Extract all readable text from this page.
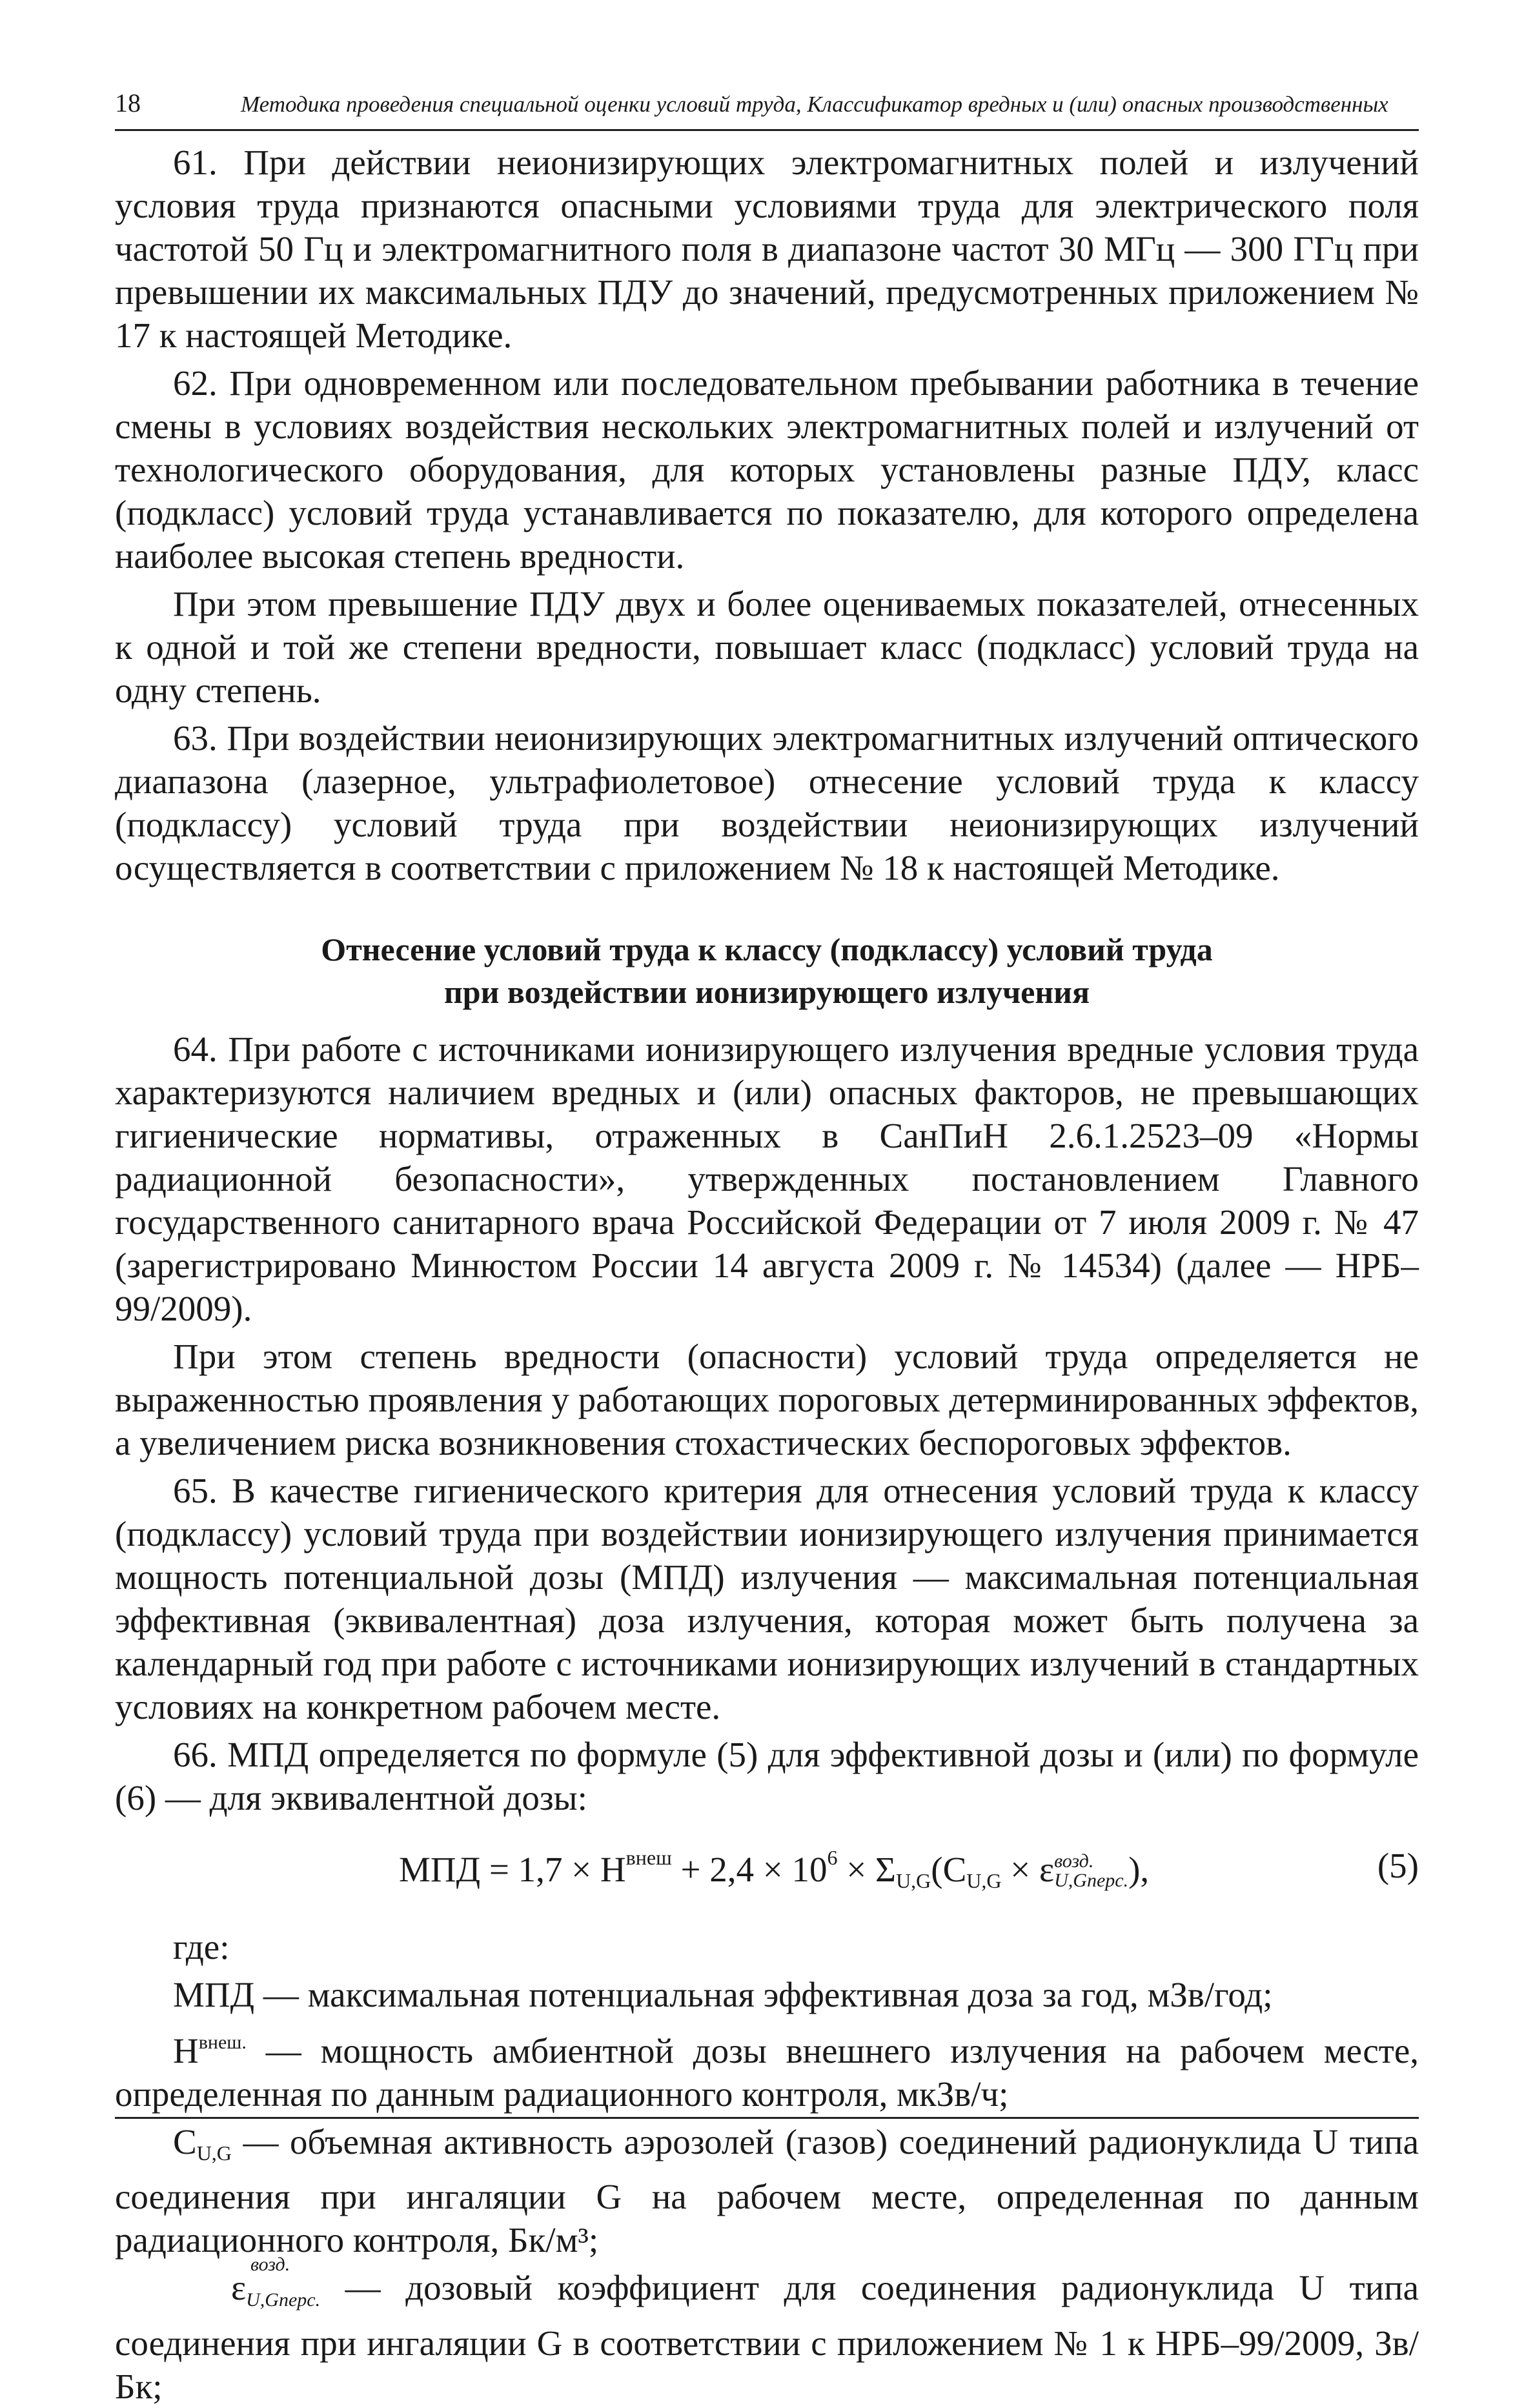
18	Методика проведения специальной оценки условий труда, Классификатор вредных и (или) опасных производственных

61. При действии неионизирующих электромагнитных полей и излучений условия труда признаются опасными условиями труда для электрического поля частотой 50 Гц и электромагнитного поля в диапазоне частот 30 МГц — 300 ГГц при превышении их максимальных ПДУ до значений, предусмотренных приложением № 17 к настоящей Методике.

62. При одновременном или последовательном пребывании работника в течение смены в условиях воздействия нескольких электромагнитных полей и излучений от технологического оборудования, для которых установлены разные ПДУ, класс (подкласс) условий труда устанавливается по показателю, для которого определена наиболее высокая степень вредности.

При этом превышение ПДУ двух и более оцениваемых показателей, отнесенных к одной и той же степени вредности, повышает класс (подкласс) условий труда на одну степень.

63. При воздействии неионизирующих электромагнитных излучений оптического диапазона (лазерное, ультрафиолетовое) отнесение условий труда к классу (подклассу) условий труда при воздействии неионизирующих излучений осуществляется в соответствии с приложением № 18 к настоящей Методике.

Отнесение условий труда к классу (подклассу) условий труда
при воздействии ионизирующего излучения

64. При работе с источниками ионизирующего излучения вредные условия труда характеризуются наличием вредных и (или) опасных факторов, не превышающих гигиенические нормативы, отраженных в СанПиН 2.6.1.2523–09 «Нормы радиационной безопасности», утвержденных постановлением Главного государственного санитарного врача Российской Федерации от 7 июля 2009 г. № 47 (зарегистрировано Минюстом России 14 августа 2009 г. № 14534) (далее — НРБ–99/2009).

При этом степень вредности (опасности) условий труда определяется не выраженностью проявления у работающих пороговых детерминированных эффектов, а увеличением риска возникновения стохастических беспороговых эффектов.

65. В качестве гигиенического критерия для отнесения условий труда к классу (подклассу) условий труда при воздействии ионизирующего излучения принимается мощность потенциальной дозы (МПД) излучения — максимальная потенциальная эффективная (эквивалентная) доза излучения, которая может быть получена за календарный год при работе с источниками ионизирующих излучений в стандартных условиях на конкретном рабочем месте.

66. МПД определяется по формуле (5) для эффективной дозы и (или) по формуле (6) — для эквивалентной дозы:

МПД = $1,7 \times H^{внеш} + 2,4 \times 10^6 \times \Sigma_{U,G}(C_{U,G} \times \varepsilon$ возд.
U,Gперс. ),	(5)

где:

МПД — максимальная потенциальная эффективная доза за год, мЗв/год;

$H^{внеш.}$ — мощность амбиентной дозы внешнего излучения на рабочем месте, определенная по данным радиационного контроля, мкЗв/ч;

$C_{U,G}$ — объемная активность аэрозолей (газов) соединений радионуклида U типа соединения при ингаляции G на рабочем месте, определенная по данным радиационного контроля, Бк/м³;

ε
возд.
U,Gперс. — дозовый коэффициент для соединения радионуклида U типа соединения при ингаляции G в соответствии с приложением № 1 к НРБ–99/2009, Зв/Бк;
